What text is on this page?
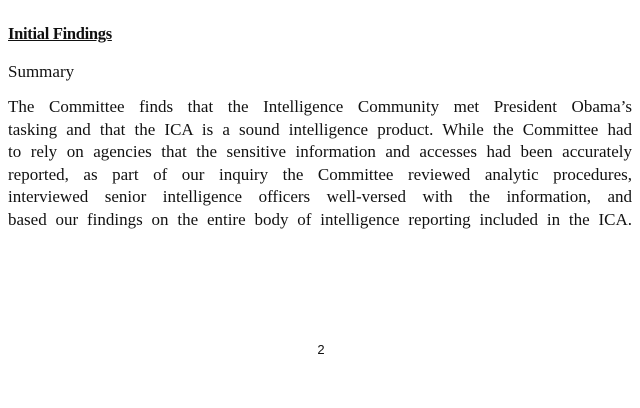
Initial Findings
Summary

The Committee finds that the Intelligence Community met President Obama’s
tasking and that the ICA is a sound intelligence product. While the Committee had
to rely on agencies that the sensitive information and accesses had been accurately
reported, as part of our inquiry the Committee reviewed analytic procedures,
interviewed senior intelligence officers well-versed with the information, and
based our findings on the entire body of intelligence reporting included in the ICA.

2
